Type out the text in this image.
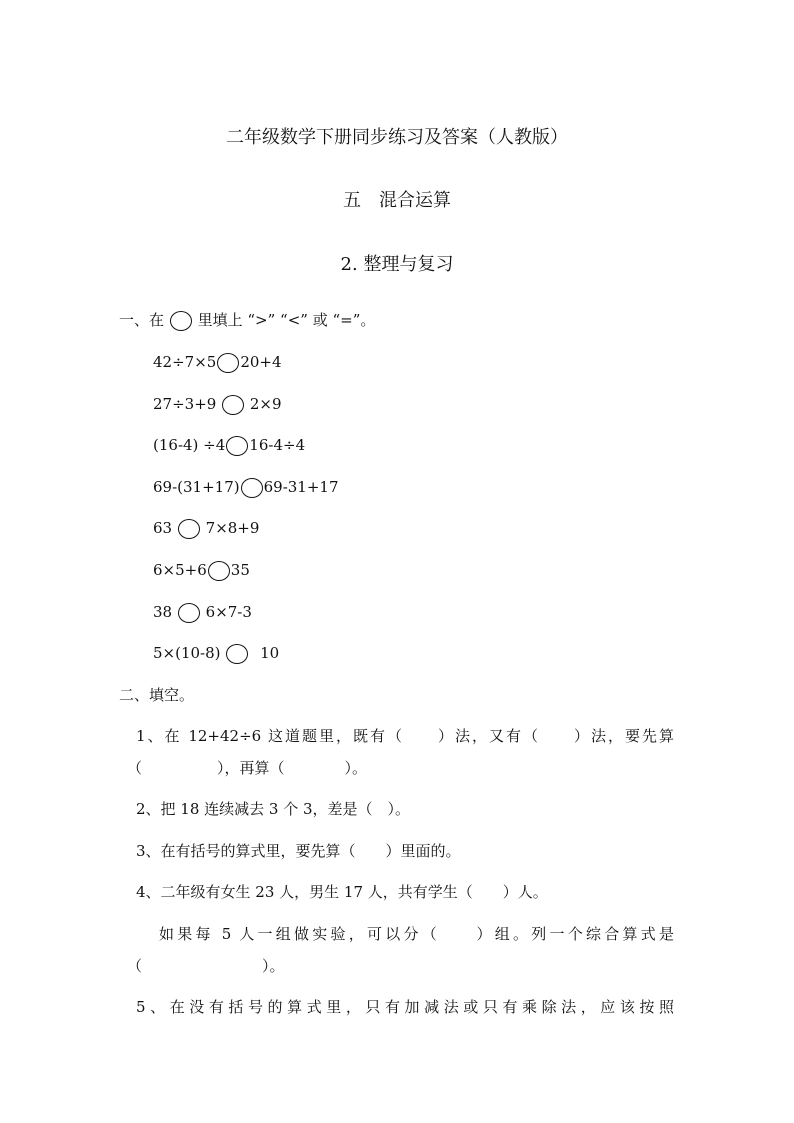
二年级数学下册同步练习及答案（人教版）
五　混合运算
2. 整理与复习
一、在 里填上 “>” “<” 或 “=”。
42÷7×5 20+4
27÷3+9 2×9
(16-4) ÷4 16-4÷4
69-(31+17) 69-31+17
63 7×8+9
6×5+6 35
38 6×7-3
5×(10-8)	10
二、填空。
1、在 12+42÷6 这道题里，既有（　　）法，又有（　　）法，要先算
（　　　　　），再算（　　　　）。
2、把 18 连续减去 3 个 3，差是（　）。
3、在有括号的算式里，要先算（　　）里面的。
4、二年级有女生 23 人，男生 17 人，共有学生（　　）人。
如果每 5 人一组做实验，可以分（　　）组。列一个综合算式是
（　　　　　　　　）。
5、在没有括号的算式里，只有加减法或只有乘除法，应该按照
